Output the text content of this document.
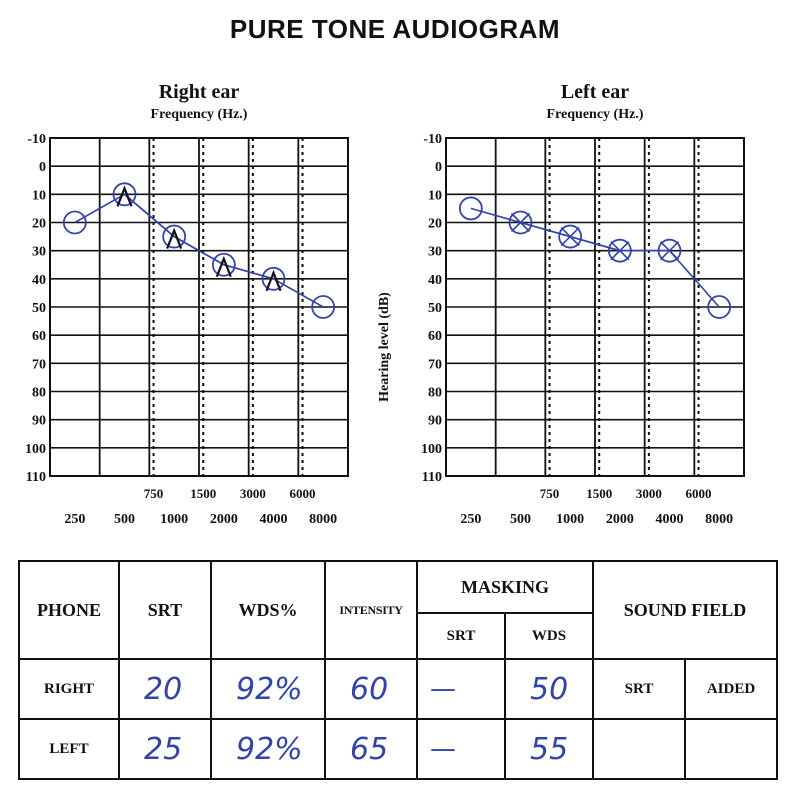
PURE TONE AUDIOGRAM
Right ear
Frequency (Hz.)
-10
0
10
20
30
40
50
60
70
80
90
100
110
750 1500 3000 6000
250 500 1000 2000 4000 8000
Left ear
Frequency (Hz.)
-10
0
10
20
30
40
50
60
70
80
90
100
110
750 1500 3000 6000
250 500 1000 2000 4000 8000
Hearing level (dB)
PHONE	SRT	WDS%	INTENSITY	MASKING		SOUND FIELD	
				SRT	WDS		
RIGHT	20	92%	60	—	50	SRT	AIDED
LEFT	25	92%	65	—	55		
